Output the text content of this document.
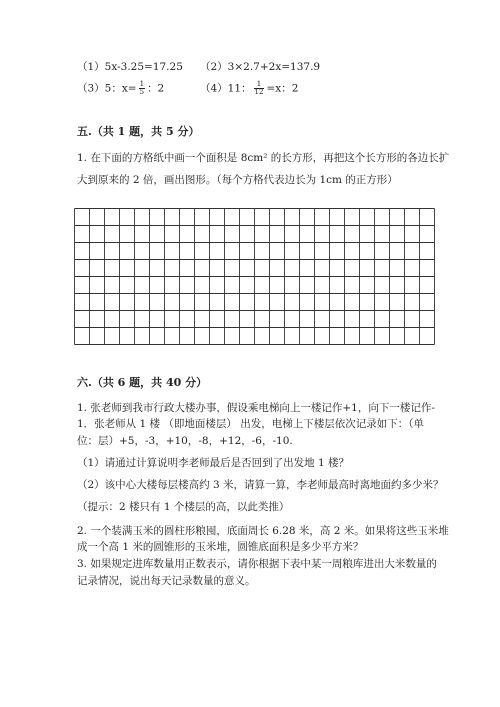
（1）5x-3.25=17.25 （2）3×2.7+2x=137.9
（3）5：$x= \frac{1}{5}$ ：2	（4）11： $\frac{1}{12} =x$：2
五.（共 1 题，共 5 分）
1. 在下面的方格纸中画一个面积是 8cm² 的长方形，再把这个长方形的各边长扩
大到原来的 2 倍，画出图形。（每个方格代表边长为 1cm 的正方形）
六.（共 6 题，共 40 分）
1. 张老师到我市行政大楼办事，假设乘电梯向上一楼记作+1，向下一楼记作-
1．张老师从 1 楼 （即地面楼层） 出发，电梯上下楼层依次记录如下：（单
位：层）+5，-3，+10，-8，+12，-6，-10.
（1）请通过计算说明李老师最后是否回到了出发地 1 楼？
（2）该中心大楼每层楼高约 3 米，请算一算，李老师最高时离地面约多少米？
（提示：2 楼只有 1 个楼层的高，以此类推）
2. 一个装满玉米的圆柱形粮囤，底面周长 6.28 米，高 2 米。如果将这些玉米堆
成一个高 1 米的圆锥形的玉米堆，圆锥底面积是多少平方米？
3. 如果规定进库数量用正数表示，请你根据下表中某一周粮库进出大米数量的
记录情况，说出每天记录数量的意义。
